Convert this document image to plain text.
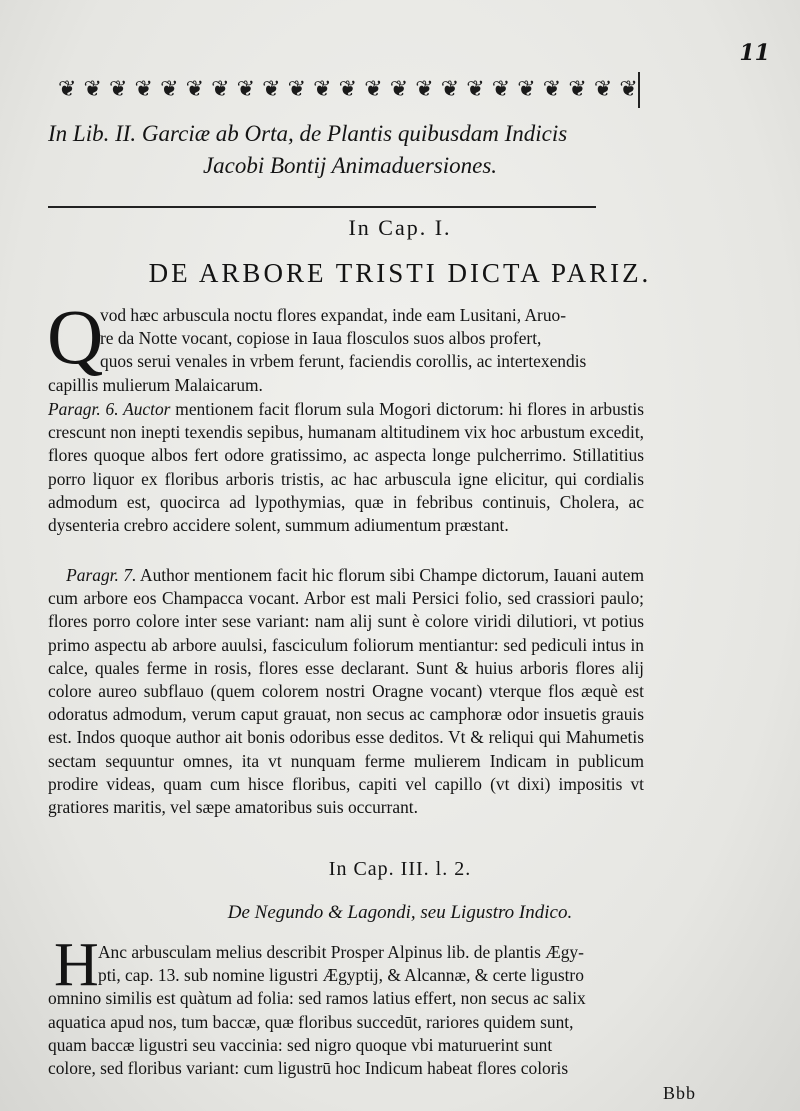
11
❦ ❦ ❦ ❦ ❦ ❦ ❦ ❦ ❦ ❦ ❦ ❦ ❦ ❦ ❦ ❦ ❦ ❦ ❦ ❦ ❦ ❦ ❦
In Lib. II. Garciæ ab Orta, de Plantis quibusdam Indicis
Jacobi Bontij Animaduersiones.
In Cap. I.
DE ARBORE TRISTI DICTA PARIZ.
Q
vod hæc arbuscula noctu flores expandat, inde eam Lusitani, Aruo-
re da Notte vocant, copiose in Iaua flosculos suos albos profert,
quos serui venales in vrbem ferunt, faciendis corollis, ac intertexendis
capillis mulierum Malaicarum.

Paragr. 6. Auctor mentionem facit florum sula Mogori dictorum: hi flores in arbustis crescunt non inepti texendis sepibus, humanam altitudinem vix hoc arbustum excedit, flores quoque albos fert odore gratissimo, ac aspecta longe pulcherrimo. Stillatitius porro liquor ex floribus arboris tristis, ac hac arbuscula igne elicitur, qui cordialis admodum est, quocirca ad lypothymias, quæ in febribus continuis, Cholera, ac dysenteria crebro accidere solent, summum adiumentum præstant.

Paragr. 7. Author mentionem facit hic florum sibi Champe dictorum, Iauani autem cum arbore eos Champacca vocant. Arbor est mali Persici folio, sed crassiori paulo; flores porro colore inter sese variant: nam alij sunt è colore viridi dilutiori, vt potius primo aspectu ab arbore auulsi, fasciculum foliorum mentiantur: sed pediculi intus in calce, quales ferme in rosis, flores esse declarant. Sunt & huius arboris flores alij colore aureo subflauo (quem colorem nostri Oragne vocant) vterque flos æquè est odoratus admodum, verum caput grauat, non secus ac camphoræ odor insuetis grauis est. Indos quoque author ait bonis odoribus esse deditos. Vt & reliqui qui Mahumetis sectam sequuntur omnes, ita vt nunquam ferme mulierem Indicam in publicum prodire videas, quam cum hisce floribus, capiti vel capillo (vt dixi) impositis vt gratiores maritis, vel sæpe amatoribus suis occurrant.

In Cap. III. l. 2.
De Negundo & Lagondi, seu Ligustro Indico.
H Anc arbusculam melius describit Prosper Alpinus lib. de plantis Ægy-
pti, cap. 13. sub nomine ligustri Ægyptij, & Alcannæ, & certe ligustro
omnino similis est quàtum ad folia: sed ramos latius effert, non secus ac salix
aquatica apud nos, tum baccæ, quæ floribus succedūt, rariores quidem sunt,
quam baccæ ligustri seu vaccinia: sed nigro quoque vbi maturuerint sunt
colore, sed floribus variant: cum ligustrū hoc Indicum habeat flores coloris
Bbb
